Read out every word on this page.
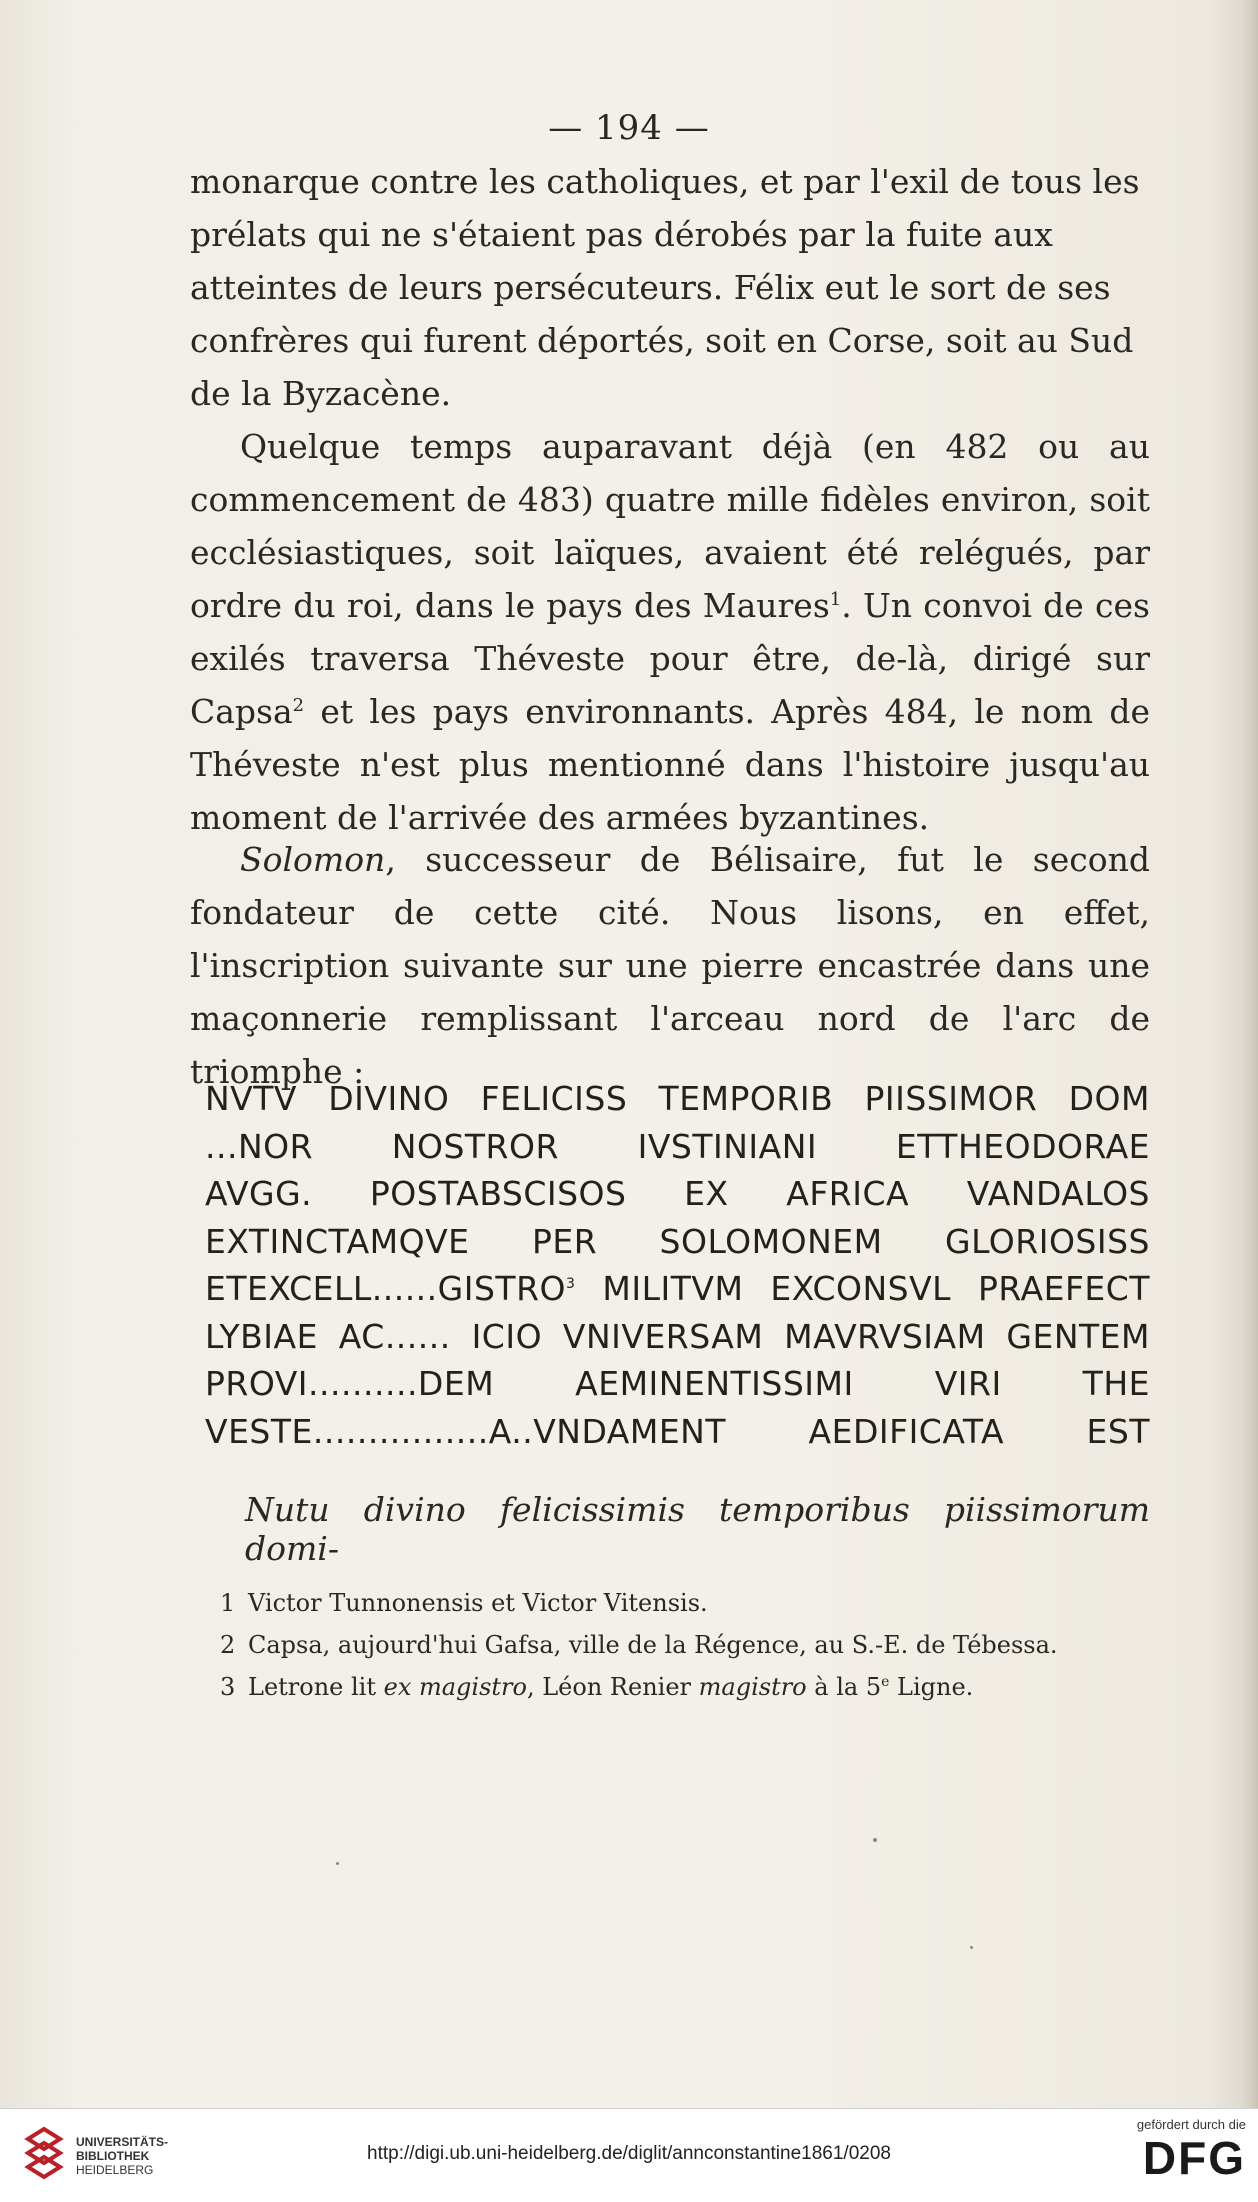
— 194 —

monarque contre les catholiques, et par l'exil de tous les

prélats qui ne s'étaient pas dérobés par la fuite aux

atteintes de leurs persécuteurs. Félix eut le sort de ses

confrères qui furent déportés, soit en Corse, soit au Sud

de la Byzacène.

Quelque temps auparavant déjà (en 482 ou au commencement de 483) quatre mille fidèles environ, soit ecclésiastiques, soit laïques, avaient été relégués, par ordre du roi, dans le pays des Maures$^1$. Un convoi de ces exilés traversa Théveste pour être, de-là, dirigé sur Capsa$^2$ et les pays environnants. Après 484, le nom de Théveste n'est plus mentionné dans l'histoire jusqu'au moment de l'arrivée des armées byzantines.

Solomon, successeur de Bélisaire, fut le second fondateur de cette cité. Nous lisons, en effet, l'inscription suivante sur une pierre encastrée dans une maçonnerie remplissant l'arceau nord de l'arc de triomphe :

NVTV DIVINO FELICISS TEMPORIB PIISSIMOR DOM
...NOR NOSTROR IVSTINIANI ETTHEODORAE
AVGG. POSTABSCISOS EX AFRICA VANDALOS
EXTINCTAMQVE PER SOLOMONEM GLORIOSISS
ETEXCELL......GISTRO$^3$ MILITVM EXCONSVL PRAEFECT
LYBIAE AC...... ICIO VNIVERSAM MAVRVSIAM GENTEM
PROVI..........DEM AEMINENTISSIMI VIRI THE
VESTE................A..VNDAMENT AEDIFICATA EST
Nutu divino felicissimis temporibus piissimorum domi-
1 Victor Tunnonensis et Victor Vitensis.
2 Capsa, aujourd'hui Gafsa, ville de la Régence, au S.-E. de Tébessa.
3 Letrone lit ex magistro, Léon Renier magistro à la 5e Ligne.
UNIVERSITÄTS-
BIBLIOTHEK
HEIDELBERG
http://digi.ub.uni-heidelberg.de/diglit/annconstantine1861/0208
gefördert durch die
DFG
